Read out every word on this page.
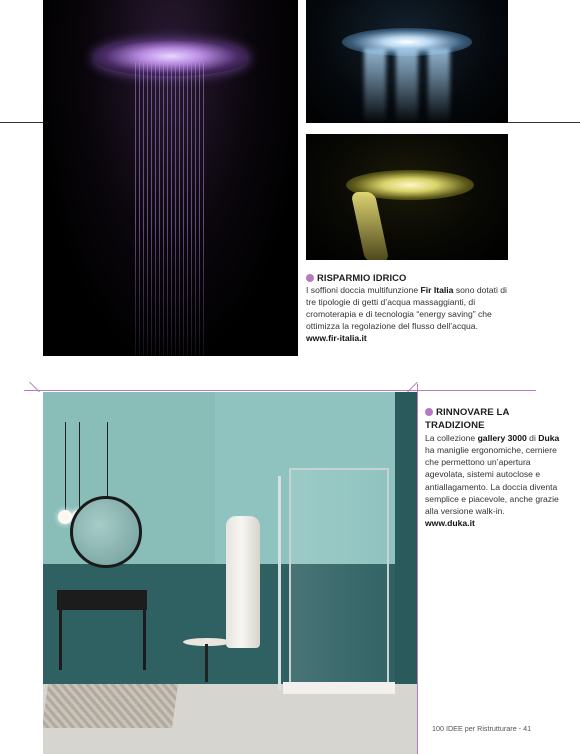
RISPARMIO IDRICO
I soffioni doccia multifunzione Fir Italia sono dotati di tre tipologie di getti d’acqua massaggianti, di cromoterapia e di tecnologia “energy saving” che ottimizza la regolazione del flusso dell’acqua.
www.fir-italia.it
RINNOVARE LA TRADIZIONE
La collezione gallery 3000 di Duka ha maniglie ergonomiche, cerniere che permettono un’apertura agevolata, sistemi autoclose e antiallagamento. La doccia diventa semplice e piacevole, anche grazie alla versione walk-in.
www.duka.it
100 IDEE per Ristrutturare - 41
